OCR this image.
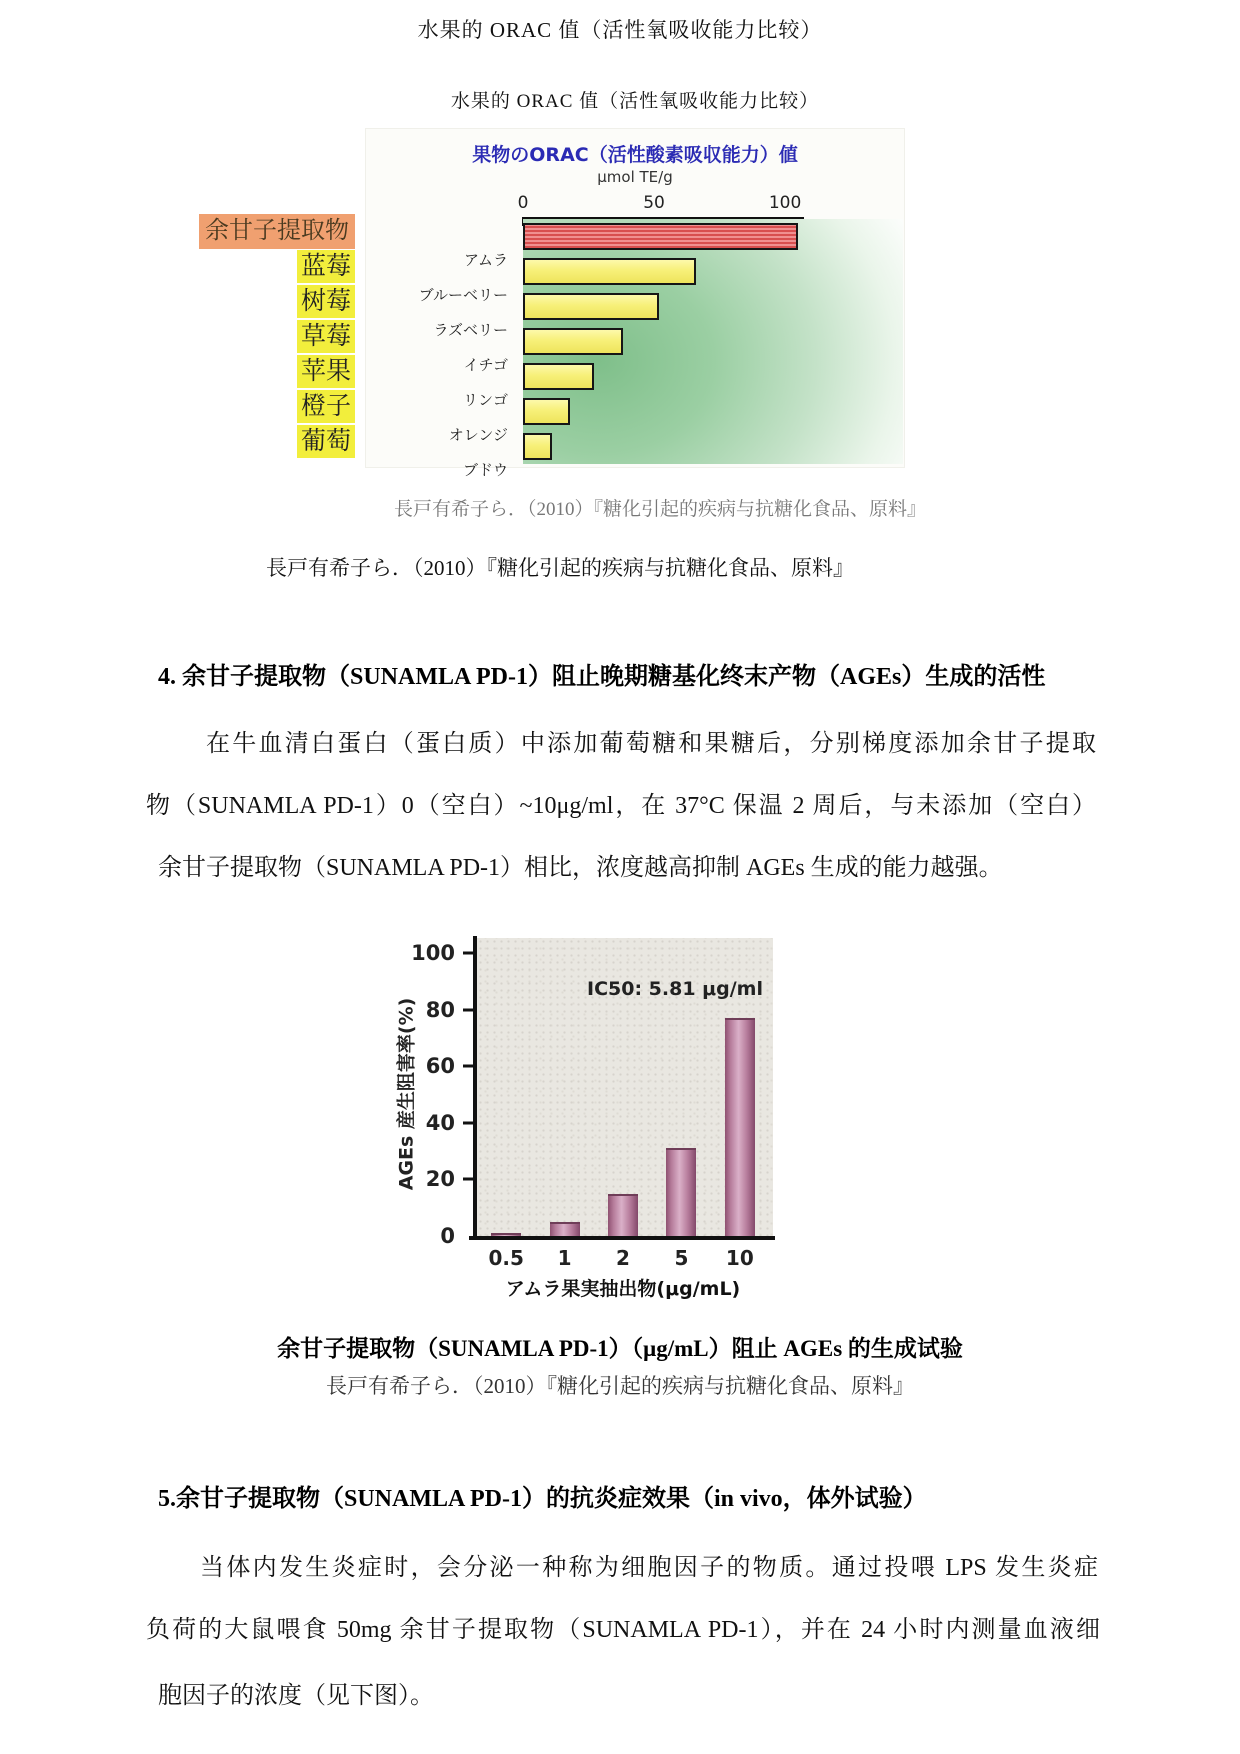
水果的 ORAC 值（活性氧吸收能力比较）
水果的 ORAC 值（活性氧吸收能力比较）
果物のORAC（活性酸素吸収能力）値
μmol TE/g
アムラ
ブルーベリー
ラズベリー
イチゴ
リンゴ
オレンジ
ブドウ
0	50	100
余甘子提取物
蓝莓
树莓
草莓
苹果
橙子
葡萄
長戸有希子ら．（2010）『糖化引起的疾病与抗糖化食品、原料』
長戸有希子ら．（2010）『糖化引起的疾病与抗糖化食品、原料』
4. 余甘子提取物（SUNAMLA PD-1）阻止晚期糖基化终末产物（AGEs）生成的活性
在牛血清白蛋白（蛋白质）中添加葡萄糖和果糖后，分别梯度添加余甘子提取
物（SUNAMLA PD-1）0（空白）~10μg/ml，在 37°C 保温 2 周后，与未添加（空白）
余甘子提取物（SUNAMLA PD-1）相比，浓度越高抑制 AGEs 生成的能力越强。
IC50: 5.81 μg/ml
AGEs 産生阻害率(%)
100
80
60
40
20
0
0.5	1	2	5	10
アムラ果実抽出物(μg/mL)
余甘子提取物（SUNAMLA PD-1）（μg/mL）阻止 AGEs 的生成试验
長戸有希子ら．（2010）『糖化引起的疾病与抗糖化食品、原料』
5.余甘子提取物（SUNAMLA PD-1）的抗炎症效果（in vivo，体外试验）
当体内发生炎症时，会分泌一种称为细胞因子的物质。通过投喂 LPS 发生炎症
负荷的大鼠喂食 50mg 余甘子提取物（SUNAMLA PD-1），并在 24 小时内测量血液细
胞因子的浓度（见下图）。
